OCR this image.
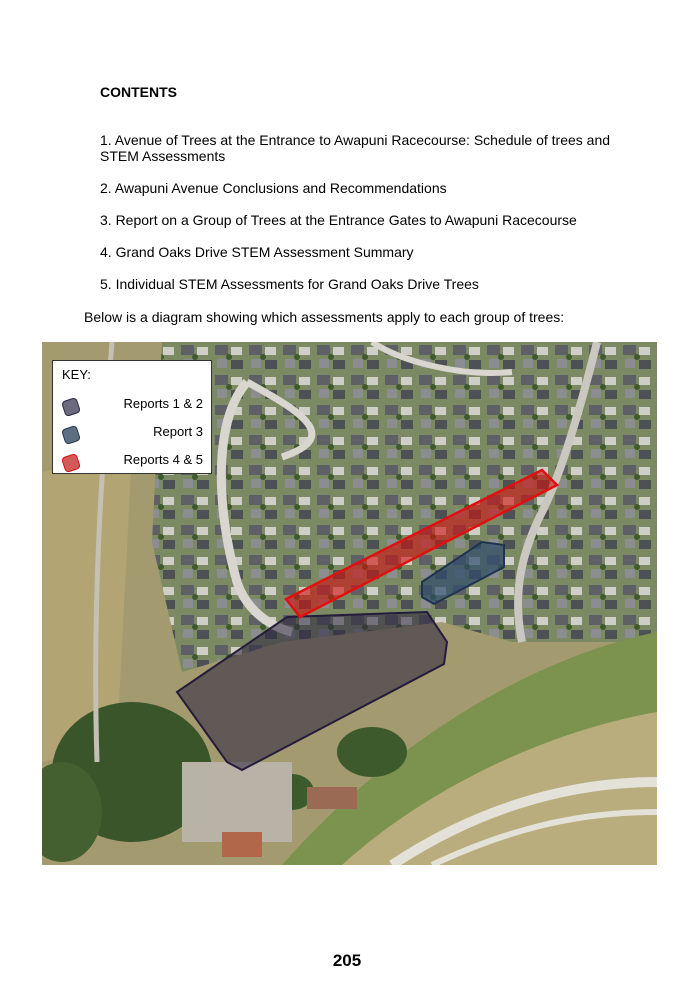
CONTENTS
1. Avenue of Trees at the Entrance to Awapuni Racecourse: Schedule of trees and STEM Assessments
2. Awapuni Avenue Conclusions and Recommendations
3. Report on a Group of Trees at the Entrance Gates to Awapuni Racecourse
4. Grand Oaks Drive STEM Assessment Summary
5. Individual STEM Assessments for Grand Oaks Drive Trees
Below is a diagram showing which assessments apply to each group of trees:
KEY:
Reports 1 & 2
Report 3
Reports 4 & 5
205
